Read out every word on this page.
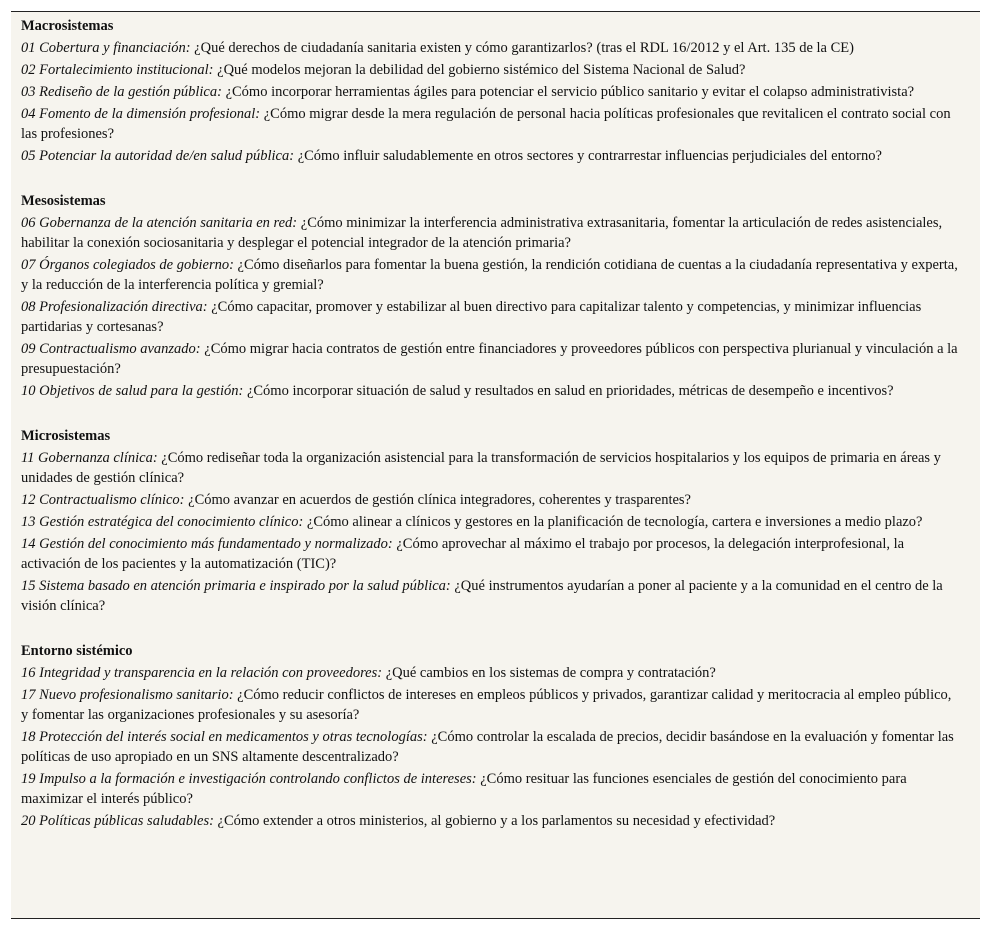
Macrosistemas
01 Cobertura y financiación: ¿Qué derechos de ciudadanía sanitaria existen y cómo garantizarlos? (tras el RDL 16/2012 y el Art. 135 de la CE)
02 Fortalecimiento institucional: ¿Qué modelos mejoran la debilidad del gobierno sistémico del Sistema Nacional de Salud?
03 Rediseño de la gestión pública: ¿Cómo incorporar herramientas ágiles para potenciar el servicio público sanitario y evitar el colapso administrativista?
04 Fomento de la dimensión profesional: ¿Cómo migrar desde la mera regulación de personal hacia políticas profesionales que revitalicen el contrato social con las profesiones?
05 Potenciar la autoridad de/en salud pública: ¿Cómo influir saludablemente en otros sectores y contrarrestar influencias perjudiciales del entorno?
Mesosistemas
06 Gobernanza de la atención sanitaria en red: ¿Cómo minimizar la interferencia administrativa extrasanitaria, fomentar la articulación de redes asistenciales, habilitar la conexión sociosanitaria y desplegar el potencial integrador de la atención primaria?
07 Órganos colegiados de gobierno: ¿Cómo diseñarlos para fomentar la buena gestión, la rendición cotidiana de cuentas a la ciudadanía representativa y experta, y la reducción de la interferencia política y gremial?
08 Profesionalización directiva: ¿Cómo capacitar, promover y estabilizar al buen directivo para capitalizar talento y competencias, y minimizar influencias partidarias y cortesanas?
09 Contractualismo avanzado: ¿Cómo migrar hacia contratos de gestión entre financiadores y proveedores públicos con perspectiva plurianual y vinculación a la presupuestación?
10 Objetivos de salud para la gestión: ¿Cómo incorporar situación de salud y resultados en salud en prioridades, métricas de desempeño e incentivos?
Microsistemas
11 Gobernanza clínica: ¿Cómo rediseñar toda la organización asistencial para la transformación de servicios hospitalarios y los equipos de primaria en áreas y unidades de gestión clínica?
12 Contractualismo clínico: ¿Cómo avanzar en acuerdos de gestión clínica integradores, coherentes y trasparentes?
13 Gestión estratégica del conocimiento clínico: ¿Cómo alinear a clínicos y gestores en la planificación de tecnología, cartera e inversiones a medio plazo?
14 Gestión del conocimiento más fundamentado y normalizado: ¿Cómo aprovechar al máximo el trabajo por procesos, la delegación interprofesional, la activación de los pacientes y la automatización (TIC)?
15 Sistema basado en atención primaria e inspirado por la salud pública: ¿Qué instrumentos ayudarían a poner al paciente y a la comunidad en el centro de la visión clínica?
Entorno sistémico
16 Integridad y transparencia en la relación con proveedores: ¿Qué cambios en los sistemas de compra y contratación?
17 Nuevo profesionalismo sanitario: ¿Cómo reducir conflictos de intereses en empleos públicos y privados, garantizar calidad y meritocracia al empleo público, y fomentar las organizaciones profesionales y su asesoría?
18 Protección del interés social en medicamentos y otras tecnologías: ¿Cómo controlar la escalada de precios, decidir basándose en la evaluación y fomentar las políticas de uso apropiado en un SNS altamente descentralizado?
19 Impulso a la formación e investigación controlando conflictos de intereses: ¿Cómo resituar las funciones esenciales de gestión del conocimiento para maximizar el interés público?
20 Políticas públicas saludables: ¿Cómo extender a otros ministerios, al gobierno y a los parlamentos su necesidad y efectividad?
